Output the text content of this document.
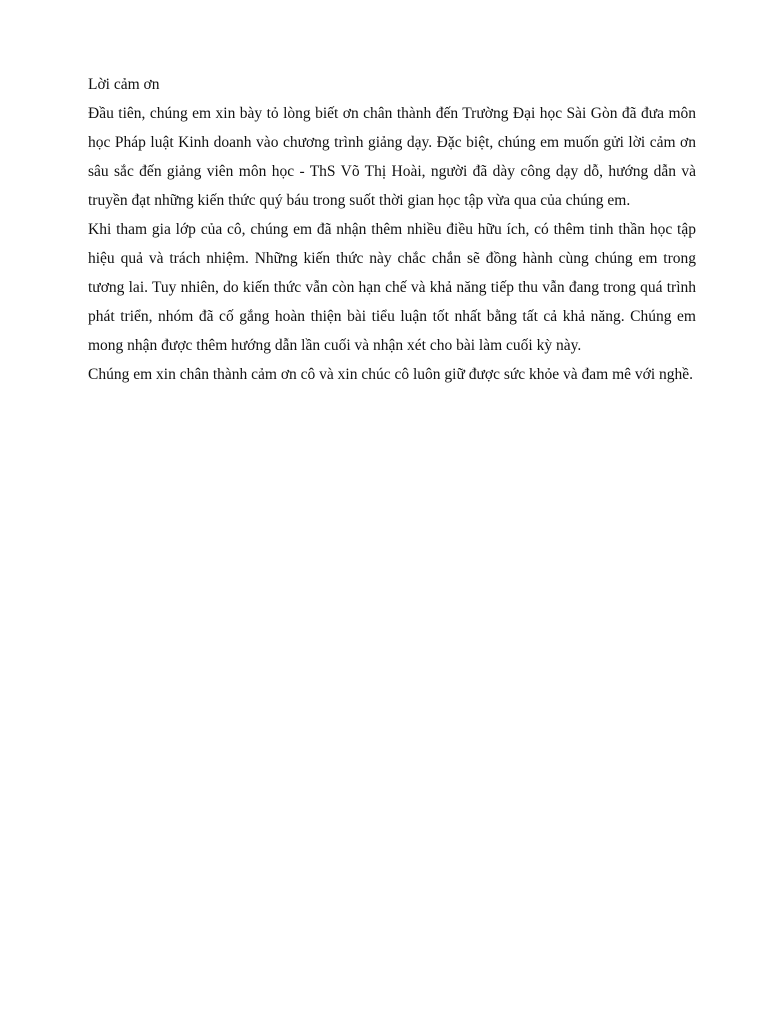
Lời cảm ơn

Đầu tiên, chúng em xin bày tỏ lòng biết ơn chân thành đến Trường Đại học Sài Gòn đã đưa môn học Pháp luật Kinh doanh vào chương trình giảng dạy. Đặc biệt, chúng em muốn gửi lời cảm ơn sâu sắc đến giảng viên môn học - ThS Võ Thị Hoài, người đã dày công dạy dỗ, hướng dẫn và truyền đạt những kiến thức quý báu trong suốt thời gian học tập vừa qua của chúng em.

Khi tham gia lớp của cô, chúng em đã nhận thêm nhiều điều hữu ích, có thêm tinh thần học tập hiệu quả và trách nhiệm. Những kiến thức này chắc chắn sẽ đồng hành cùng chúng em trong tương lai. Tuy nhiên, do kiến thức vẫn còn hạn chế và khả năng tiếp thu vẫn đang trong quá trình phát triển, nhóm đã cố gắng hoàn thiện bài tiểu luận tốt nhất bằng tất cả khả năng. Chúng em mong nhận được thêm hướng dẫn lần cuối và nhận xét cho bài làm cuối kỳ này.

Chúng em xin chân thành cảm ơn cô và xin chúc cô luôn giữ được sức khỏe và đam mê với nghề.
